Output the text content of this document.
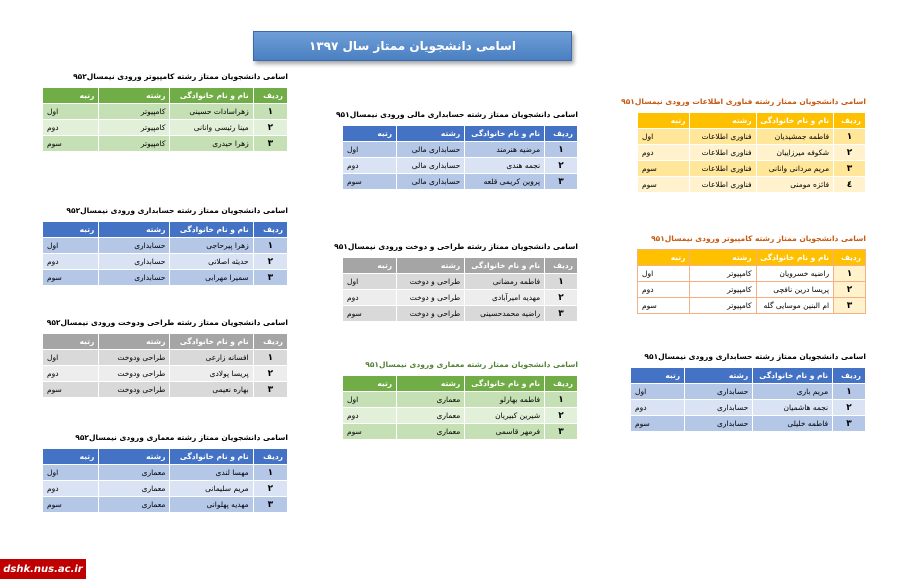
اسامی دانشجویان ممتاز سال ۱۳۹۷
اسامی دانشجویان ممتاز رشته کامپیوتر ورودی نیمسال۹۵۲
ردیف	نام و نام خانوادگی	رشته	رتبه
۱	زهراسادات حسینی	کامپیوتر	اول
۲	مینا رئیسی وانانی	کامپیوتر	دوم
۳	زهرا حیدری	کامپیوتر	سوم
اسامی دانشجویان ممتاز رشته حسابداری ورودی نیمسال۹۵۲
ردیف	نام و نام خانوادگی	رشته	رتبه
۱	زهرا پیرحاجی	حسابداری	اول
۲	حدیثه اصلانی	حسابداری	دوم
۳	سمیرا مهرابی	حسابداری	سوم
اسامی دانشجویان ممتاز رشته طراحی ودوخت ورودی نیمسال۹۵۲
ردیف	نام و نام خانوادگی	رشته	رتبه
۱	افسانه زارعی	طراحی ودوخت	اول
۲	پریسا پولادی	طراحی ودوخت	دوم
۳	بهاره نعیمی	طراحی ودوخت	سوم
اسامی دانشجویان ممتاز رشته معماری ورودی نیمسال۹۵۲
ردیف	نام و نام خانوادگی	رشته	رتبه
۱	مهسا لندی	معماری	اول
۲	مریم سلیمانی	معماری	دوم
۳	مهدیه پهلوانی	معماری	سوم
اسامی دانشجویان ممتاز رشته حسابداری مالی ورودی نیمسال۹۵۱
ردیف	نام و نام خانوادگی	رشته	رتبه
۱	مرضیه هنرمند	حسابداری مالی	اول
۲	نجمه هندی	حسابداری مالی	دوم
۳	پروین کریمی قلعه	حسابداری مالی	سوم
اسامی دانشجویان ممتاز رشته طراحی و دوخت ورودی نیمسال۹۵۱
ردیف	نام و نام خانوادگی	رشته	رتبه
۱	فاطمه رمضانی	طراحی و دوخت	اول
۲	مهدیه امیرآبادی	طراحی و دوخت	دوم
۳	راضیه محمدحسینی	طراحی و دوخت	سوم
اسامی دانشجویان ممتاز رشته معماری ورودی نیمسال۹۵۱
ردیف	نام و نام خانوادگی	رشته	رتبه
۱	فاطمه بهارلو	معماری	اول
۲	شیرین کبیریان	معماری	دوم
۳	فرمهر قاسمی	معماری	سوم
اسامی دانشجویان ممتاز رشته فناوری اطلاعات ورودی نیمسال۹۵۱
ردیف	نام و نام خانوادگی	رشته	رتبه
۱	فاطمه جمشیدیان	فناوری اطلاعات	اول
۲	شکوفه میرزاییان	فناوری اطلاعات	دوم
۳	مریم مردانی وانانی	فناوری اطلاعات	سوم
٤	فائزه مومنی	فناوری اطلاعات	سوم
اسامی دانشجویان ممتاز رشته کامپیوتر ورودی نیمسال۹۵۱
ردیف	نام و نام خانوادگی	رشته	رتبه
۱	راضیه خسرویان	کامپیوتر	اول
۲	پریسا درین نافچی	کامپیوتر	دوم
۳	ام البنین موسایی گله	کامپیوتر	سوم
اسامی دانشجویان ممتاز رشته حسابداری ورودی نیمسال۹۵۱
ردیف	نام و نام خانوادگی	رشته	رتبه
۱	مریم باری	حسابداری	اول
۲	نجمه هاشمیان	حسابداری	دوم
۳	فاطمه خلیلی	حسابداری	سوم
dshk.nus.ac.ir
